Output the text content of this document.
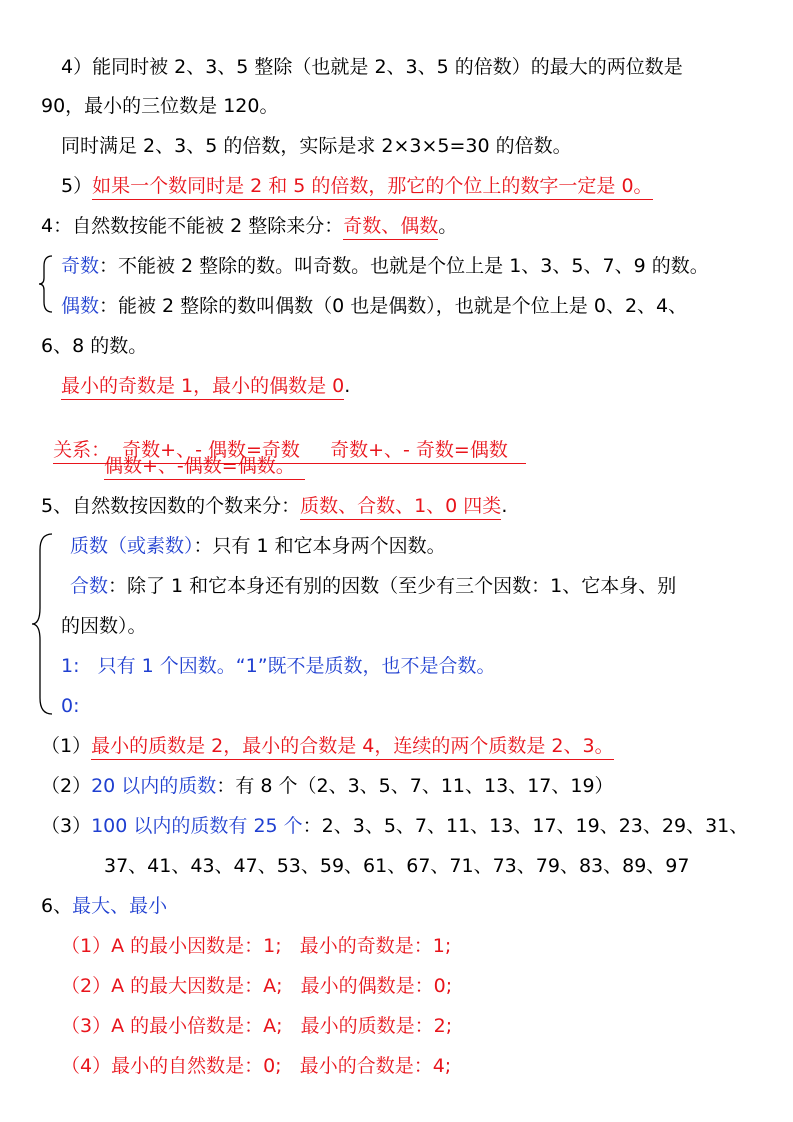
4）能同时被 2、3、5 整除（也就是 2、3、5 的倍数）的最大的两位数是
90，最小的三位数是 120。
同时满足 2、3、5 的倍数，实际是求 2×3×5=30 的倍数。
5）如果一个数同时是 2 和 5 的倍数，那它的个位上的数字一定是 0。
4：自然数按能不能被 2 整除来分：奇数、偶数。
奇数：不能被 2 整除的数。叫奇数。也就是个位上是 1、3、5、7、9 的数。
偶数：能被 2 整除的数叫偶数（0 也是偶数），也就是个位上是 0、2、4、
6、8 的数。
最小的奇数是 1，最小的偶数是 0.

关系：  奇数+、- 偶数=奇数     奇数+、- 奇数=偶数

偶数+、-偶数=偶数。
5、自然数按因数的个数来分：质数、合数、1、0 四类.
质数（或素数）：只有 1 和它本身两个因数。
合数：除了 1 和它本身还有别的因数（至少有三个因数：1、它本身、别
的因数）。
1:   只有 1 个因数。“1”既不是质数，也不是合数。
0:
（1）最小的质数是 2，最小的合数是 4，连续的两个质数是 2、3。
（2）20 以内的质数：有 8 个（2、3、5、7、11、13、17、19）
（3）100 以内的质数有 25 个：2、3、5、7、11、13、17、19、23、29、31、
37、41、43、47、53、59、61、67、71、73、79、83、89、97
6、最大、最小
（1）A 的最小因数是：1;   最小的奇数是：1;
（2）A 的最大因数是：A;   最小的偶数是：0;
（3）A 的最小倍数是：A;   最小的质数是：2;
（4）最小的自然数是：0;   最小的合数是：4;
